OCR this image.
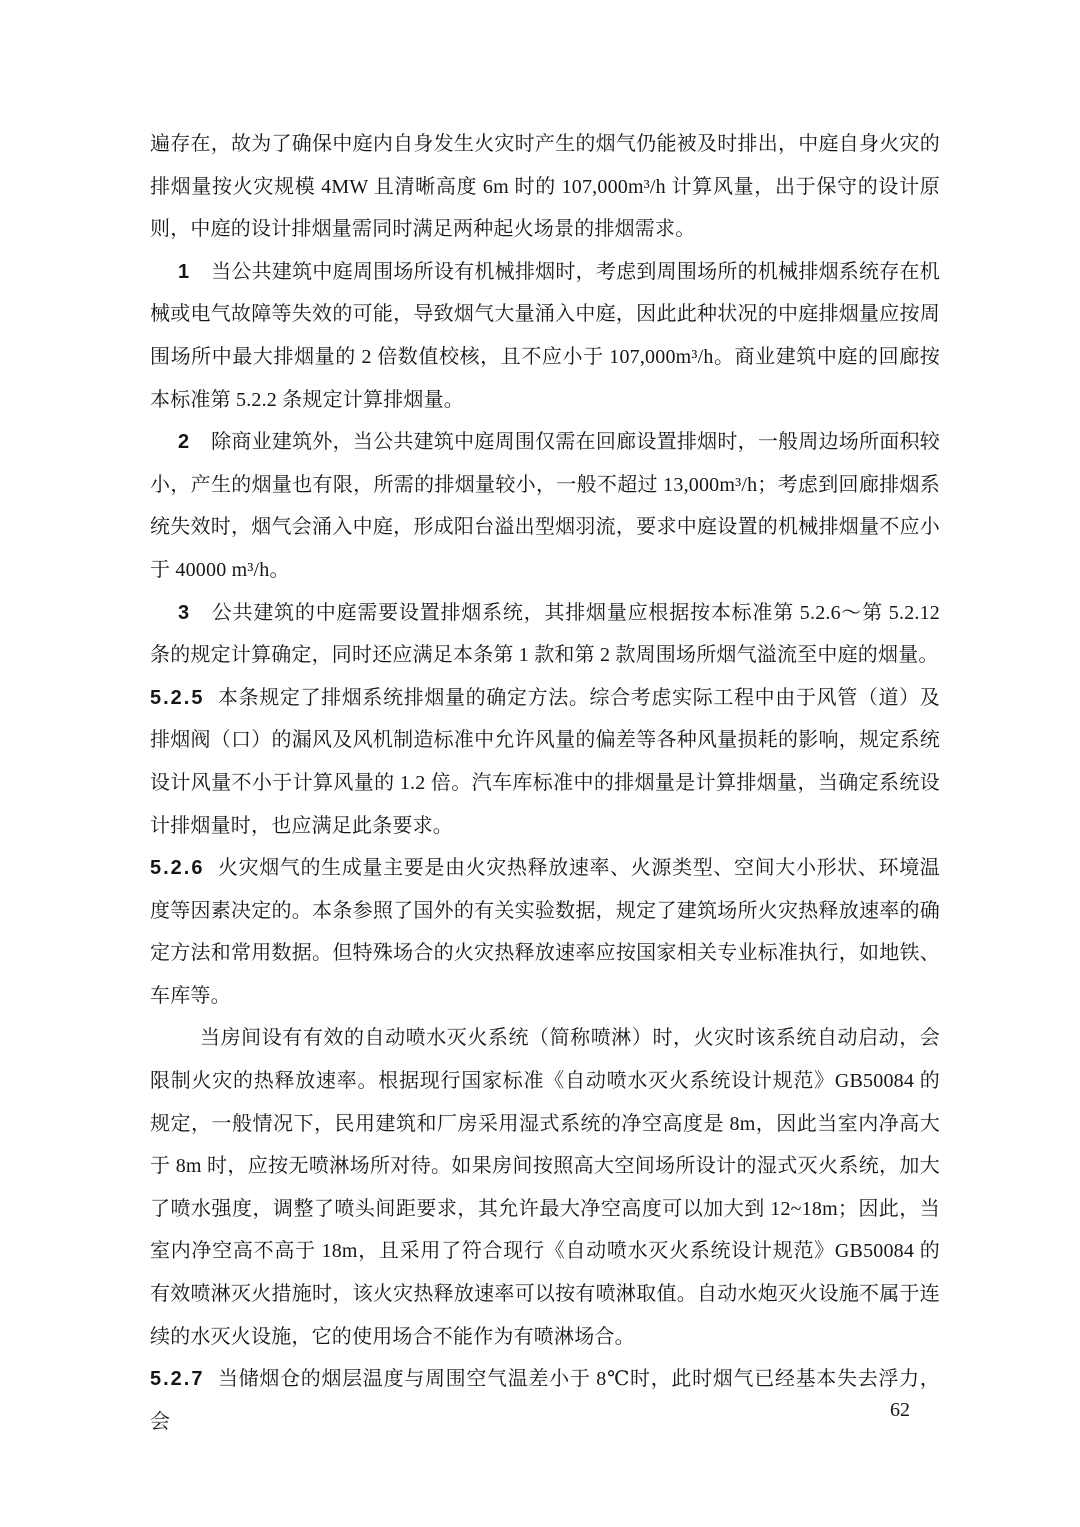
遍存在，故为了确保中庭内自身发生火灾时产生的烟气仍能被及时排出，中庭自身火灾的排烟量按火灾规模 4MW 且清晰高度 6m 时的 107,000m³/h 计算风量，出于保守的设计原则，中庭的设计排烟量需同时满足两种起火场景的排烟需求。

1 当公共建筑中庭周围场所设有机械排烟时，考虑到周围场所的机械排烟系统存在机械或电气故障等失效的可能，导致烟气大量涌入中庭，因此此种状况的中庭排烟量应按周围场所中最大排烟量的 2 倍数值校核，且不应小于 107,000m³/h。商业建筑中庭的回廊按本标准第 5.2.2 条规定计算排烟量。

2 除商业建筑外，当公共建筑中庭周围仅需在回廊设置排烟时，一般周边场所面积较小，产生的烟量也有限，所需的排烟量较小，一般不超过 13,000m³/h；考虑到回廊排烟系统失效时，烟气会涌入中庭，形成阳台溢出型烟羽流，要求中庭设置的机械排烟量不应小于 40000 m³/h。

3 公共建筑的中庭需要设置排烟系统，其排烟量应根据按本标准第 5.2.6～第 5.2.12 条的规定计算确定，同时还应满足本条第 1 款和第 2 款周围场所烟气溢流至中庭的烟量。

5.2.5 本条规定了排烟系统排烟量的确定方法。综合考虑实际工程中由于风管（道）及排烟阀（口）的漏风及风机制造标准中允许风量的偏差等各种风量损耗的影响，规定系统设计风量不小于计算风量的 1.2 倍。汽车库标准中的排烟量是计算排烟量，当确定系统设计排烟量时，也应满足此条要求。

5.2.6 火灾烟气的生成量主要是由火灾热释放速率、火源类型、空间大小形状、环境温度等因素决定的。本条参照了国外的有关实验数据，规定了建筑场所火灾热释放速率的确定方法和常用数据。但特殊场合的火灾热释放速率应按国家相关专业标准执行，如地铁、车库等。

当房间设有有效的自动喷水灭火系统（简称喷淋）时，火灾时该系统自动启动，会限制火灾的热释放速率。根据现行国家标准《自动喷水灭火系统设计规范》GB50084 的规定，一般情况下，民用建筑和厂房采用湿式系统的净空高度是 8m，因此当室内净高大于 8m 时，应按无喷淋场所对待。如果房间按照高大空间场所设计的湿式灭火系统，加大了喷水强度，调整了喷头间距要求，其允许最大净空高度可以加大到 12~18m；因此，当室内净空高不高于 18m，且采用了符合现行《自动喷水灭火系统设计规范》GB50084 的有效喷淋灭火措施时，该火灾热释放速率可以按有喷淋取值。自动水炮灭火设施不属于连续的水灭火设施，它的使用场合不能作为有喷淋场合。

5.2.7 当储烟仓的烟层温度与周围空气温差小于 8℃时，此时烟气已经基本失去浮力，会

62
